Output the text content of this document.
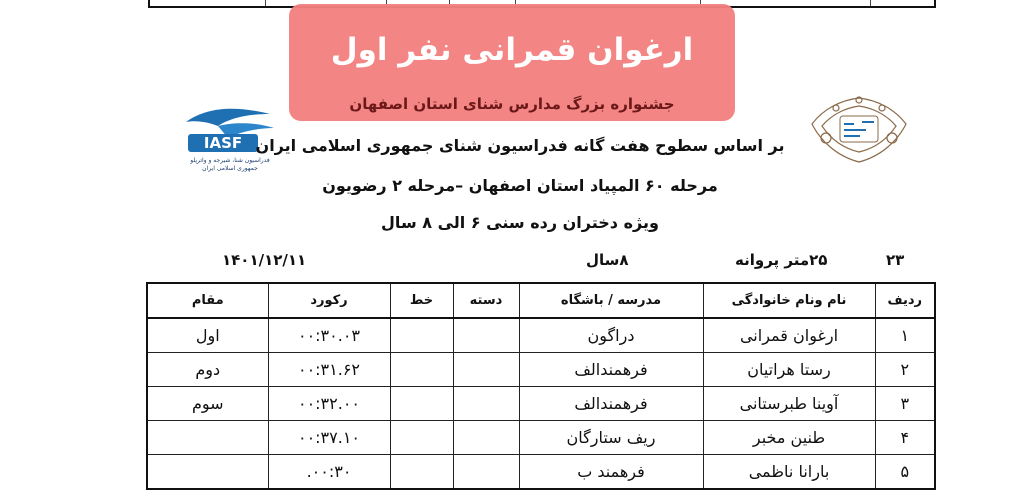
ارغوان قمرانی نفر اول
جشنواره بزرگ مدارس شنای استان اصفهان
IASF
فدراسیون شنا، شیرجه و واترپلو
جمهوری اسلامی ایران
بر اساس سطوح هفت گانه فدراسیون شنای جمهوری اسلامی ایران
مرحله ۶۰ المپیاد استان اصفهان –مرحله ۲ رضویون
ویژه دختران رده سنی ۶ الی ۸ سال
۲۳
۲۵متر پروانه
۸سال
۱۴۰۱/۱۲/۱۱
ردیف	نام ونام خانوادگی	مدرسه / باشگاه	دسته	خط	رکورد	مقام
۱	ارغوان قمرانی	دراگون			۰۰:۳۰.۰۳	اول
۲	رستا هراتیان	فرهمندالف			۰۰:۳۱.۶۲	دوم
۳	آوینا طبرستانی	فرهمندالف			۰۰:۳۲.۰۰	سوم
۴	طنین مخبر	ریف ستارگان			۰۰:۳۷.۱۰	
۵	بارانا ناظمی	فرهمند ب			۰۰:۳۰.	
